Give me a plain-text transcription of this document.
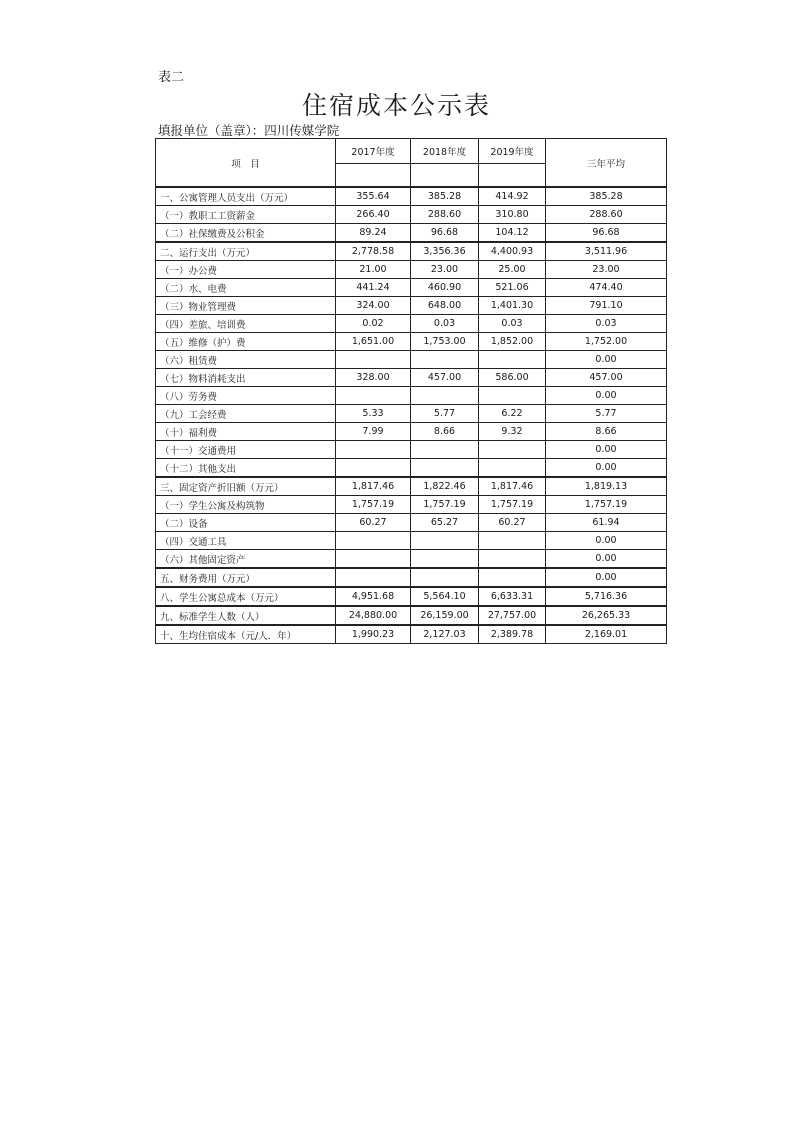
表二
住宿成本公示表
填报单位（盖章）：四川传媒学院
项　目	2017年度	2018年度	2019年度	三年平均

一、公寓管理人员支出（万元）	355.64	385.28	414.92	385.28
（一）教职工工资薪金	266.40	288.60	310.80	288.60
（二）社保缴费及公积金	89.24	96.68	104.12	96.68
二、运行支出（万元）	2,778.58	3,356.36	4,400.93	3,511.96
（一）办公费	21.00	23.00	25.00	23.00
（二）水、电费	441.24	460.90	521.06	474.40
（三）物业管理费	324.00	648.00	1,401.30	791.10
（四）差旅、培训费	0.02	0.03	0.03	0.03
（五）维修（护）费	1,651.00	1,753.00	1,852.00	1,752.00
（六）租赁费				0.00
（七）物料消耗支出	328.00	457.00	586.00	457.00
（八）劳务费				0.00
（九）工会经费	5.33	5.77	6.22	5.77
（十）福利费	7.99	8.66	9.32	8.66
（十一）交通费用				0.00
（十二）其他支出				0.00
三、固定资产折旧额（万元）	1,817.46	1,822.46	1,817.46	1,819.13
（一）学生公寓及构筑物	1,757.19	1,757.19	1,757.19	1,757.19
（二）设备	60.27	65.27	60.27	61.94
（四）交通工具				0.00
（六）其他固定资产				0.00
五、财务费用（万元）				0.00
八、学生公寓总成本（万元）	4,951.68	5,564.10	6,633.31	5,716.36
九、标准学生人数（人）	24,880.00	26,159.00	27,757.00	26,265.33
十、生均住宿成本（元/人．年）	1,990.23	2,127.03	2,389.78	2,169.01
